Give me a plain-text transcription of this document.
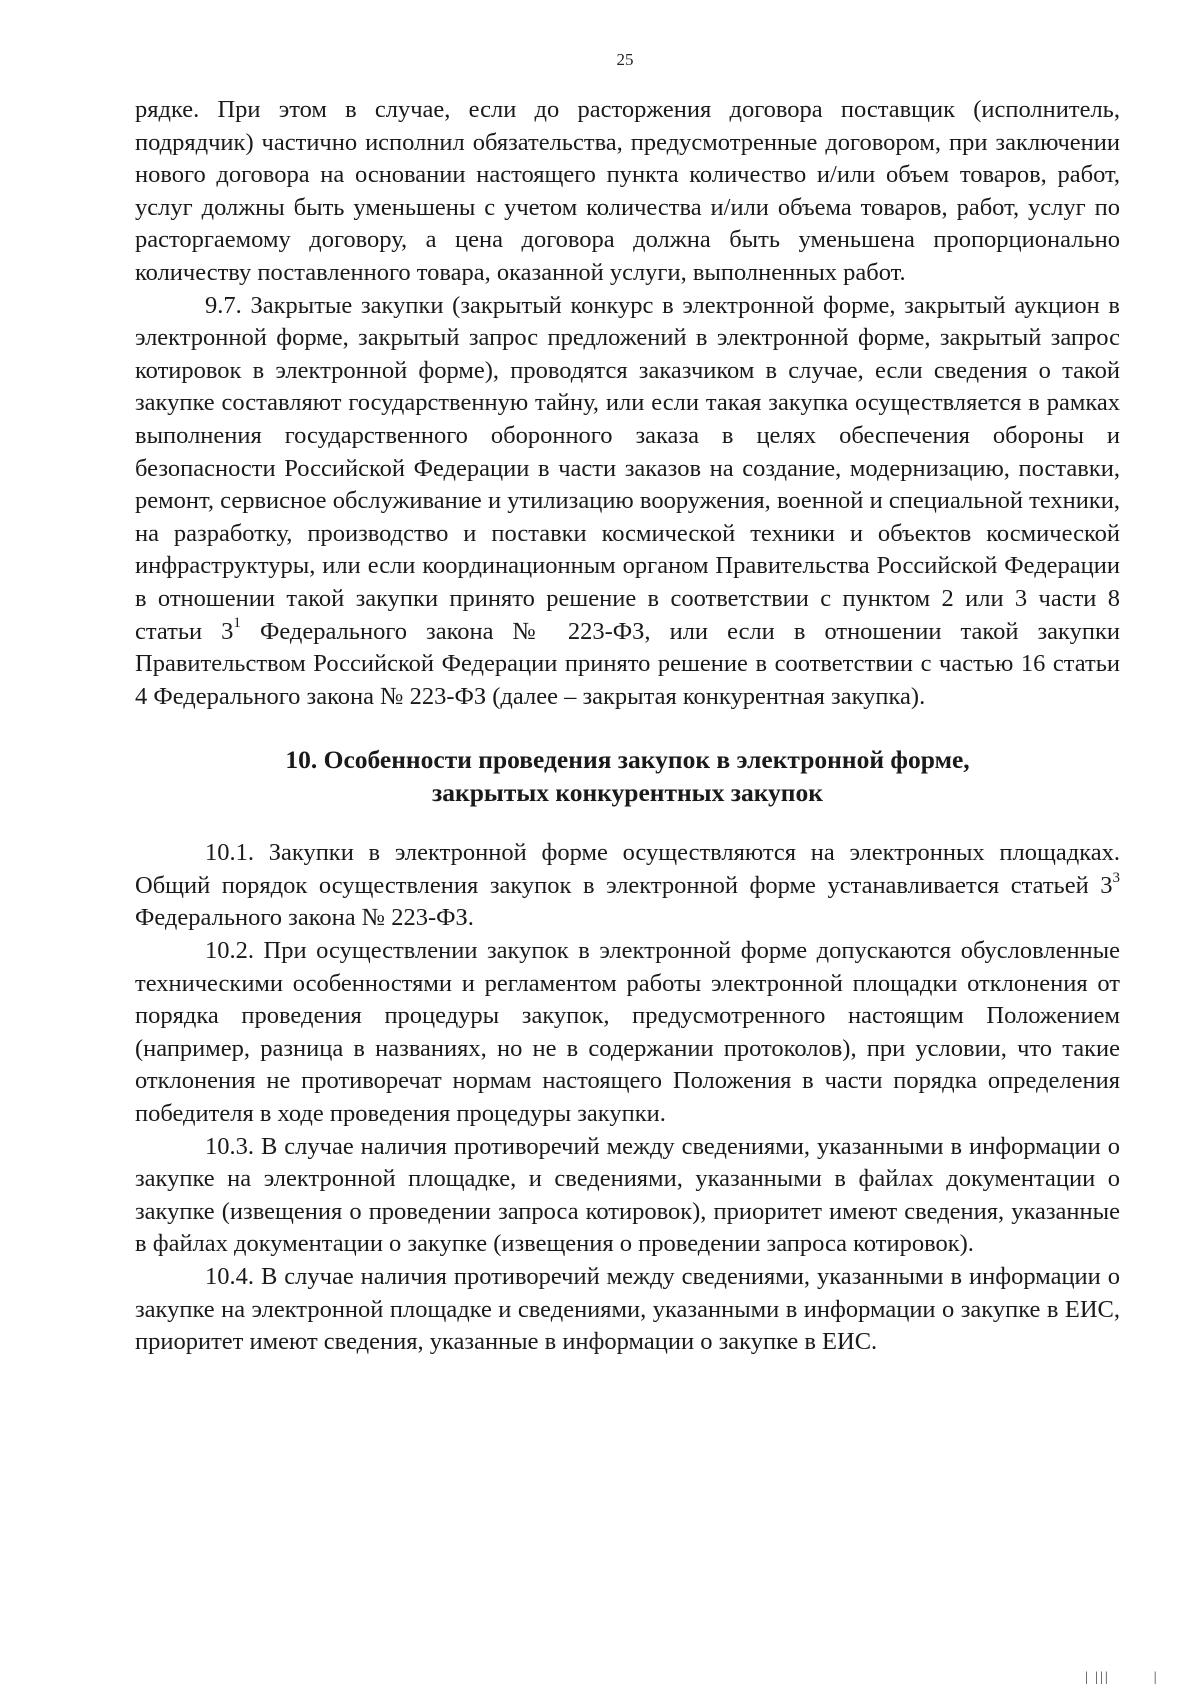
25

рядке. При этом в случае, если до расторжения договора поставщик (исполнитель, подрядчик) частично исполнил обязательства, предусмотренные договором, при заключении нового договора на основании настоящего пункта количество и/или объем товаров, работ, услуг должны быть уменьшены с учетом количества и/или объема товаров, работ, услуг по расторгаемому договору, а цена договора должна быть уменьшена пропорционально количеству поставленного товара, оказанной услуги, выполненных работ.

9.7. Закрытые закупки (закрытый конкурс в электронной форме, закрытый аукцион в электронной форме, закрытый запрос предложений в электронной форме, закрытый запрос котировок в электронной форме), проводятся заказчиком в случае, если сведения о такой закупке составляют государственную тайну, или если такая закупка осуществляется в рамках выполнения государственного оборонного заказа в целях обеспечения обороны и безопасности Российской Федерации в части заказов на создание, модернизацию, поставки, ремонт, сервисное обслуживание и утилизацию вооружения, военной и специальной техники, на разработку, производство и поставки космической техники и объектов космической инфраструктуры, или если координационным органом Правительства Российской Федерации в отношении такой закупки принято решение в соответствии с пунктом 2 или 3 части 8 статьи $3^1$ Федерального закона № 223-ФЗ, или если в отношении такой закупки Правительством Российской Федерации принято решение в соответствии с частью 16 статьи 4 Федерального закона № 223-ФЗ (далее – закрытая конкурентная закупка).

10. Особенности проведения закупок в электронной форме,
закрытых конкурентных закупок

10.1. Закупки в электронной форме осуществляются на электронных площадках. Общий порядок осуществления закупок в электронной форме устанавливается статьей $3^3$ Федерального закона № 223-ФЗ.

10.2. При осуществлении закупок в электронной форме допускаются обусловленные техническими особенностями и регламентом работы электронной площадки отклонения от порядка проведения процедуры закупок, предусмотренного настоящим Положением (например, разница в названиях, но не в содержании протоколов), при условии, что такие отклонения не противоречат нормам настоящего Положения в части порядка определения победителя в ходе проведения процедуры закупки.

10.3. В случае наличия противоречий между сведениями, указанными в информации о закупке на электронной площадке, и сведениями, указанными в файлах документации о закупке (извещения о проведении запроса котировок), приоритет имеют сведения, указанные в файлах документации о закупке (извещения о проведении запроса котировок).

10.4. В случае наличия противоречий между сведениями, указанными в информации о закупке на электронной площадке и сведениями, указанными в информации о закупке в ЕИС, приоритет имеют сведения, указанные в информации о закупке в ЕИС.

| |||        |
